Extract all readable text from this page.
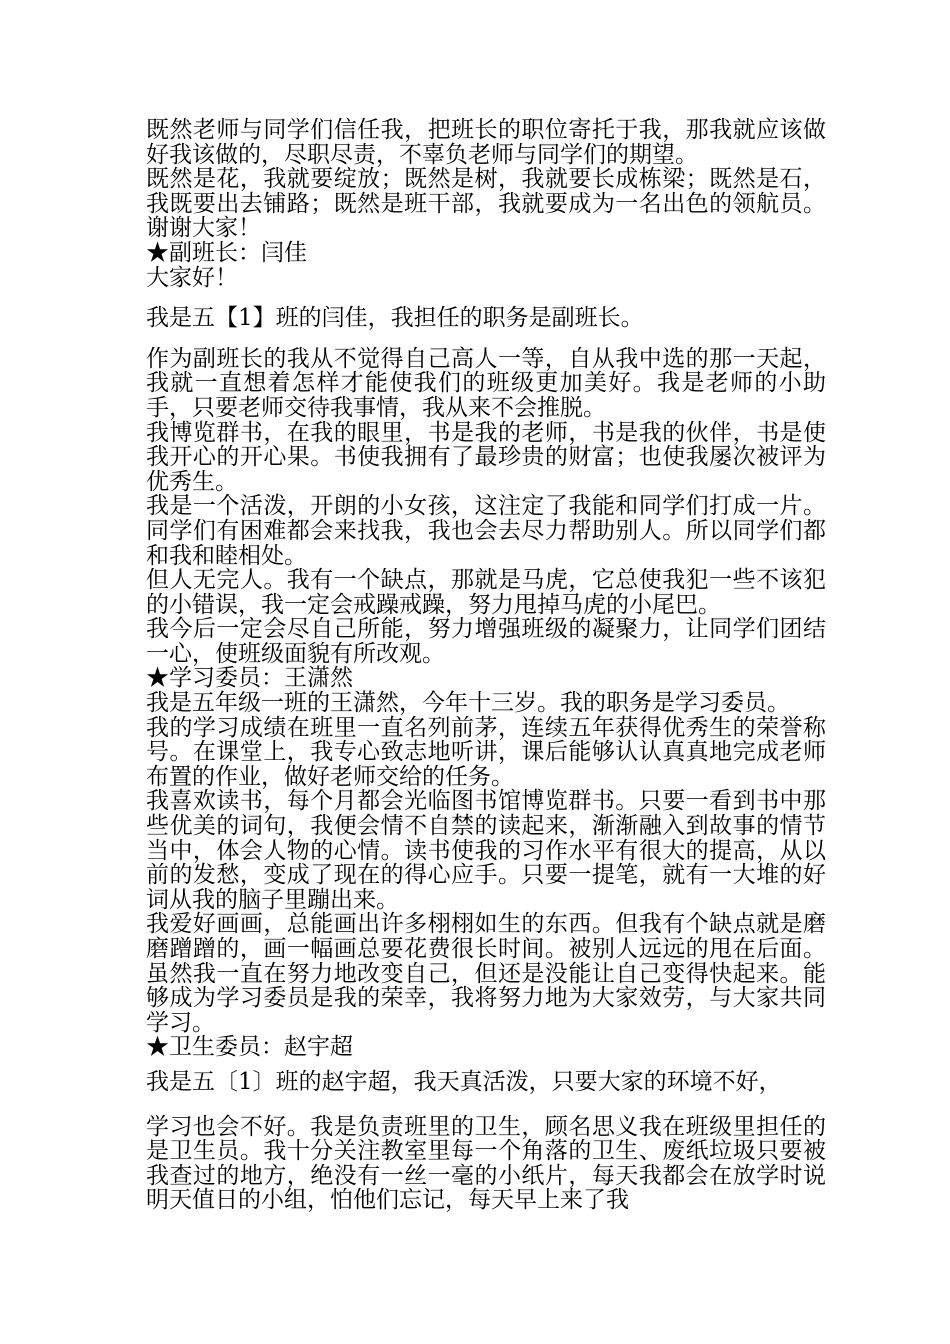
既然老师与同学们信任我，把班长的职位寄托于我，那我就应该做好我该做的，尽职尽责，不辜负老师与同学们的期望。

既然是花，我就要绽放；既然是树，我就要长成栋梁；既然是石，我既要出去铺路；既然是班干部，我就要成为一名出色的领航员。谢谢大家！

★副班长：闫佳

大家好！

我是五【1】班的闫佳，我担任的职务是副班长。

作为副班长的我从不觉得自己高人一等，自从我中选的那一天起，我就一直想着怎样才能使我们的班级更加美好。我是老师的小助手，只要老师交待我事情，我从来不会推脱。

我博览群书，在我的眼里，书是我的老师，书是我的伙伴，书是使我开心的开心果。书使我拥有了最珍贵的财富；也使我屡次被评为优秀生。

我是一个活泼，开朗的小女孩，这注定了我能和同学们打成一片。同学们有困难都会来找我，我也会去尽力帮助别人。所以同学们都和我和睦相处。

但人无完人。我有一个缺点，那就是马虎，它总使我犯一些不该犯的小错误，我一定会戒躁戒躁，努力甩掉马虎的小尾巴。

我今后一定会尽自己所能，努力增强班级的凝聚力，让同学们团结一心，使班级面貌有所改观。

★学习委员：王潇然

我是五年级一班的王潇然，今年十三岁。我的职务是学习委员。

我的学习成绩在班里一直名列前茅，连续五年获得优秀生的荣誉称号。在课堂上，我专心致志地听讲，课后能够认认真真地完成老师布置的作业，做好老师交给的任务。

我喜欢读书，每个月都会光临图书馆博览群书。只要一看到书中那些优美的词句，我便会情不自禁的读起来，渐渐融入到故事的情节当中，体会人物的心情。读书使我的习作水平有很大的提高，从以前的发愁，变成了现在的得心应手。只要一提笔，就有一大堆的好词从我的脑子里蹦出来。

我爱好画画，总能画出许多栩栩如生的东西。但我有个缺点就是磨磨蹭蹭的，画一幅画总要花费很长时间。被别人远远的甩在后面。虽然我一直在努力地改变自己，但还是没能让自己变得快起来。能够成为学习委员是我的荣幸，我将努力地为大家效劳，与大家共同学习。

★卫生委员：赵宇超

我是五〔1〕班的赵宇超，我天真活泼，只要大家的环境不好，

学习也会不好。我是负责班里的卫生，顾名思义我在班级里担任的是卫生员。我十分关注教室里每一个角落的卫生、废纸垃圾只要被我查过的地方，绝没有一丝一毫的小纸片，每天我都会在放学时说明天值日的小组，怕他们忘记，每天早上来了我
